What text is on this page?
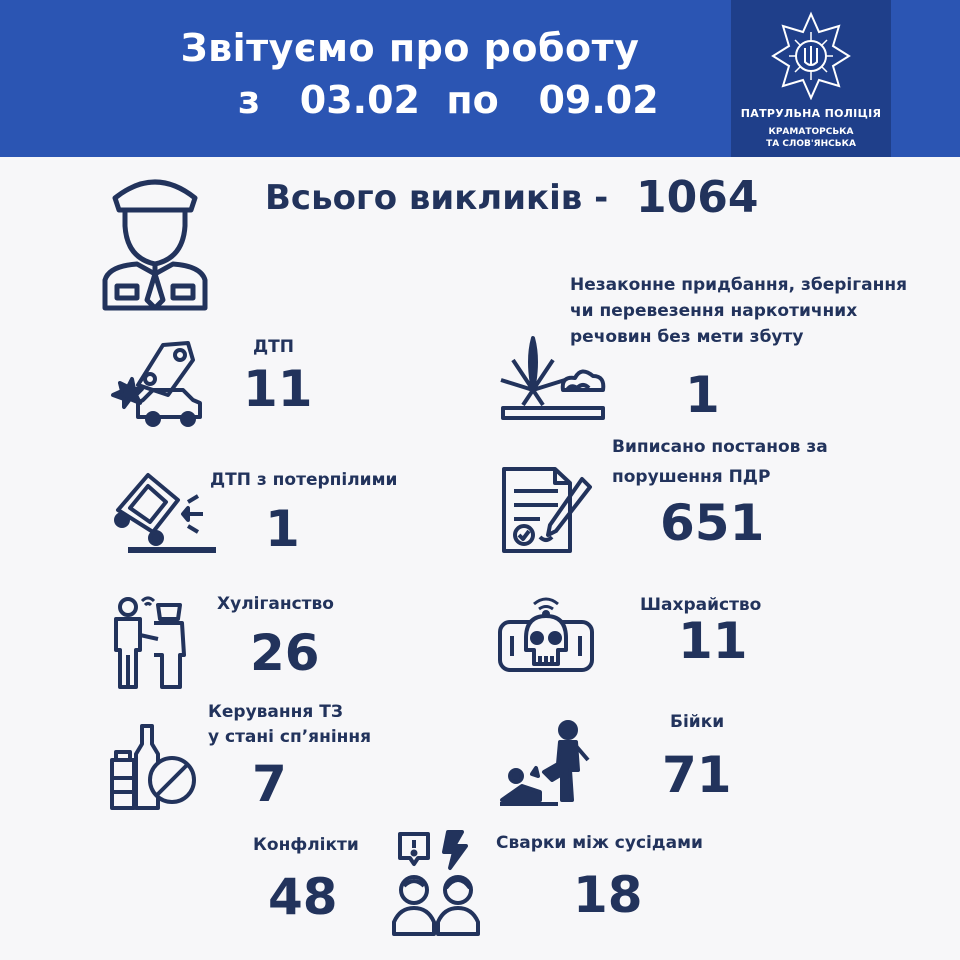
Звітуємо про роботу
з   03.02  по   09.02	ПАТРУЛЬНА ПОЛІЦІЯ
КРАМАТОРСЬКА
ТА СЛОВ'ЯНСЬКА
Всього викликів - 1064
ДТП
11
Незаконне придбання, зберігання
чи перевезення наркотичних
речовин без мети збуту
1
ДТП з потерпілими
1
Виписано постанов за
порушення ПДР
651
Хуліганство
26
Шахрайство
11
Керування ТЗ
у стані сп’яніння
7
Бійки
71
Конфлікти
48
Сварки між сусідами
18
